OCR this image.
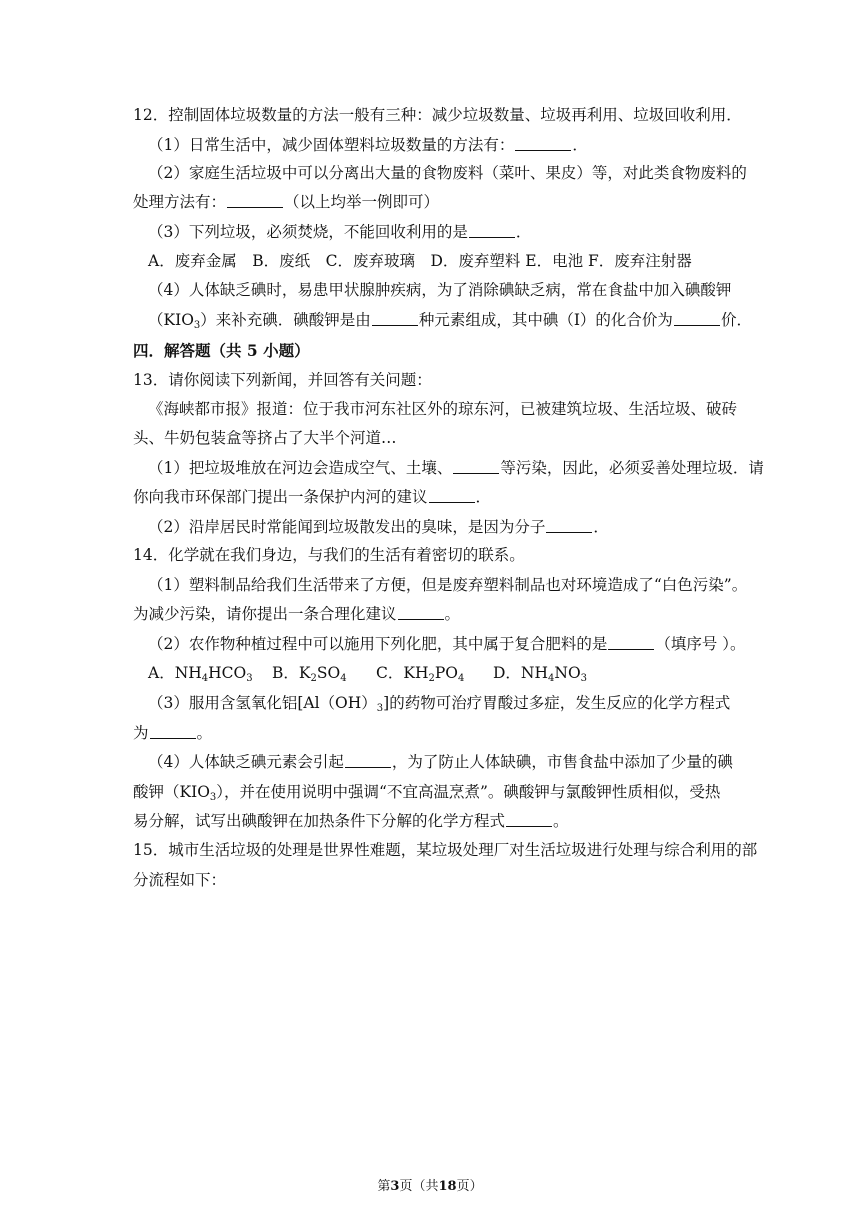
12．控制固体垃圾数量的方法一般有三种：减少垃圾数量、垃圾再利用、垃圾回收利用．
（1）日常生活中，减少固体塑料垃圾数量的方法有：	．
（2）家庭生活垃圾中可以分离出大量的食物废料（菜叶、果皮）等，对此类食物废料的
处理方法有：	（以上均举一例即可）
（3）下列垃圾，必须焚烧，不能回收利用的是	．
A．废弃金属　B．废纸　C．废弃玻璃　D．废弃塑料 E．电池 F．废弃注射器
（4）人体缺乏碘时，易患甲状腺肿疾病，为了消除碘缺乏病，常在食盐中加入碘酸钾
$(KIO_3)$来补充碘．碘酸钾是由	种元素组成，其中碘（I）的化合价为	价．
四．解答题（共 5 小题）
13．请你阅读下列新闻，并回答有关问题：
《海峡都市报》报道：位于我市河东社区外的琼东河，已被建筑垃圾、生活垃圾、破砖
头、牛奶包装盒等挤占了大半个河道…
（1）把垃圾堆放在河边会造成空气、土壤、	等污染，因此，必须妥善处理垃圾．请
你向我市环保部门提出一条保护内河的建议	．
（2）沿岸居民时常能闻到垃圾散发出的臭味，是因为分子	．
14．化学就在我们身边，与我们的生活有着密切的联系。
（1）塑料制品给我们生活带来了方便，但是废弃塑料制品也对环境造成了“白色污染”。
为减少污染，请你提出一条合理化建议	。
（2）农作物种植过程中可以施用下列化肥，其中属于复合肥料的是	（填序号 ）。
A．$NH_4HCO_3$ B．$K_2SO_4$ C．$KH_2PO_4$ D．$NH_4NO_3$
（3）服用含氢氧化铝$[Al(OH)_3]$的药物可治疗胃酸过多症，发生反应的化学方程式
为	。
（4）人体缺乏碘元素会引起	，为了防止人体缺碘，市售食盐中添加了少量的碘
酸钾$(KIO_3)$，并在使用说明中强调“不宜高温烹煮”。碘酸钾与氯酸钾性质相似，受热
易分解，试写出碘酸钾在加热条件下分解的化学方程式	。
15．城市生活垃圾的处理是世界性难题，某垃圾处理厂对生活垃圾进行处理与综合利用的部
分流程如下：
第3页（共18页）
